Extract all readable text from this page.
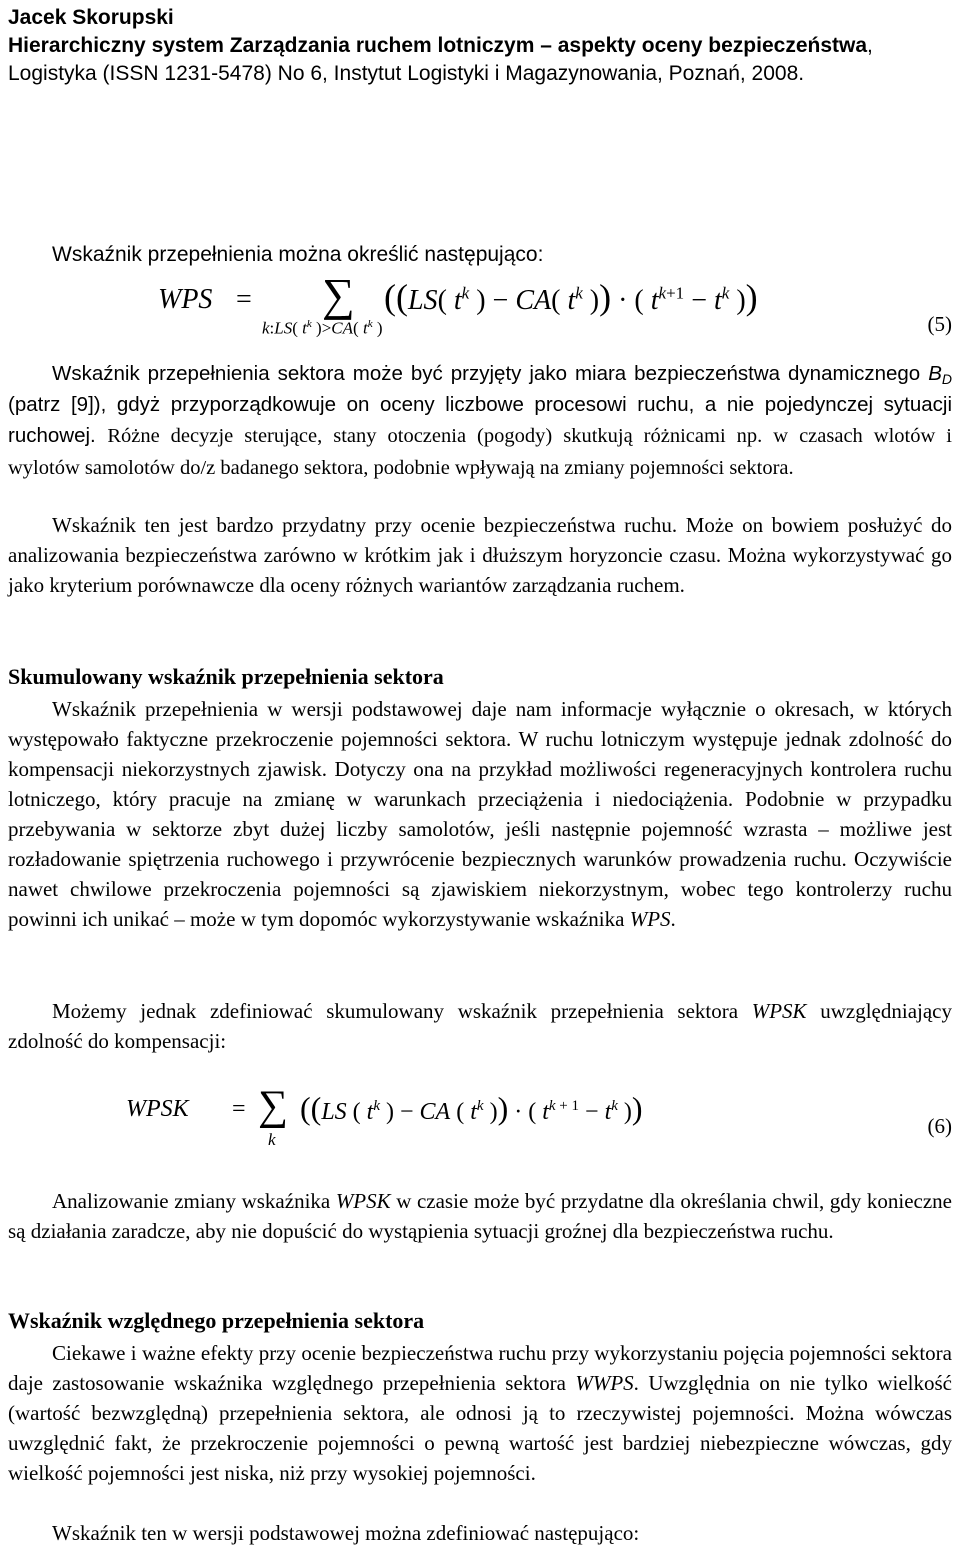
Jacek Skorupski
Hierarchiczny system Zarządzania ruchem lotniczym – aspekty oceny bezpieczeństwa, Logistyka (ISSN 1231-5478) No 6, Instytut Logistyki i Magazynowania, Poznań, 2008.
Wskaźnik przepełnienia można określić następująco:
WPS = ∑
k:LS( $t^k$ )>CA( $t^k$ )
((LS( $t^k$ ) − CA( $t^k$ )) · ( $t^{k+1} - t^k$ ))
(5)
Wskaźnik przepełnienia sektora może być przyjęty jako miara bezpieczeństwa dynamicznego $B_D$ (patrz [9]), gdyż przyporządkowuje on oceny liczbowe procesowi ruchu, a nie pojedynczej sytuacji ruchowej. Różne decyzje sterujące, stany otoczenia (pogody) skutkują różnicami np. w czasach wlotów i wylotów samolotów do/z badanego sektora, podobnie wpływają na zmiany pojemności sektora.
Wskaźnik ten jest bardzo przydatny przy ocenie bezpieczeństwa ruchu. Może on bowiem posłużyć do analizowania bezpieczeństwa zarówno w krótkim jak i dłuższym horyzoncie czasu. Można wykorzystywać go jako kryterium porównawcze dla oceny różnych wariantów zarządzania ruchem.
Skumulowany wskaźnik przepełnienia sektora
Wskaźnik przepełnienia w wersji podstawowej daje nam informacje wyłącznie o okresach, w których występowało faktyczne przekroczenie pojemności sektora. W ruchu lotniczym występuje jednak zdolność do kompensacji niekorzystnych zjawisk. Dotyczy ona na przykład możliwości regeneracyjnych kontrolera ruchu lotniczego, który pracuje na zmianę w warunkach przeciążenia i niedociążenia. Podobnie w przypadku przebywania w sektorze zbyt dużej liczby samolotów, jeśli następnie pojemność wzrasta – możliwe jest rozładowanie spiętrzenia ruchowego i przywrócenie bezpiecznych warunków prowadzenia ruchu. Oczywiście nawet chwilowe przekroczenia pojemności są zjawiskiem niekorzystnym, wobec tego kontrolerzy ruchu powinni ich unikać – może w tym dopomóc wykorzystywanie wskaźnika WPS.
Możemy jednak zdefiniować skumulowany wskaźnik przepełnienia sektora WPSK uwzględniający zdolność do kompensacji:
WPSK = ∑
k
((LS ( $t^k$ ) − CA ( $t^k$ )) · ( $t^{k + 1} - t^k$ ))	(6)
Analizowanie zmiany wskaźnika WPSK w czasie może być przydatne dla określania chwil, gdy konieczne są działania zaradcze, aby nie dopuścić do wystąpienia sytuacji groźnej dla bezpieczeństwa ruchu.
Wskaźnik względnego przepełnienia sektora
Ciekawe i ważne efekty przy ocenie bezpieczeństwa ruchu przy wykorzystaniu pojęcia pojemności sektora daje zastosowanie wskaźnika względnego przepełnienia sektora WWPS. Uwzględnia on nie tylko wielkość (wartość bezwzględną) przepełnienia sektora, ale odnosi ją to rzeczywistej pojemności. Można wówczas uwzględnić fakt, że przekroczenie pojemności o pewną wartość jest bardziej niebezpieczne wówczas, gdy wielkość pojemności jest niska, niż przy wysokiej pojemności.
Wskaźnik ten w wersji podstawowej można zdefiniować następująco:
